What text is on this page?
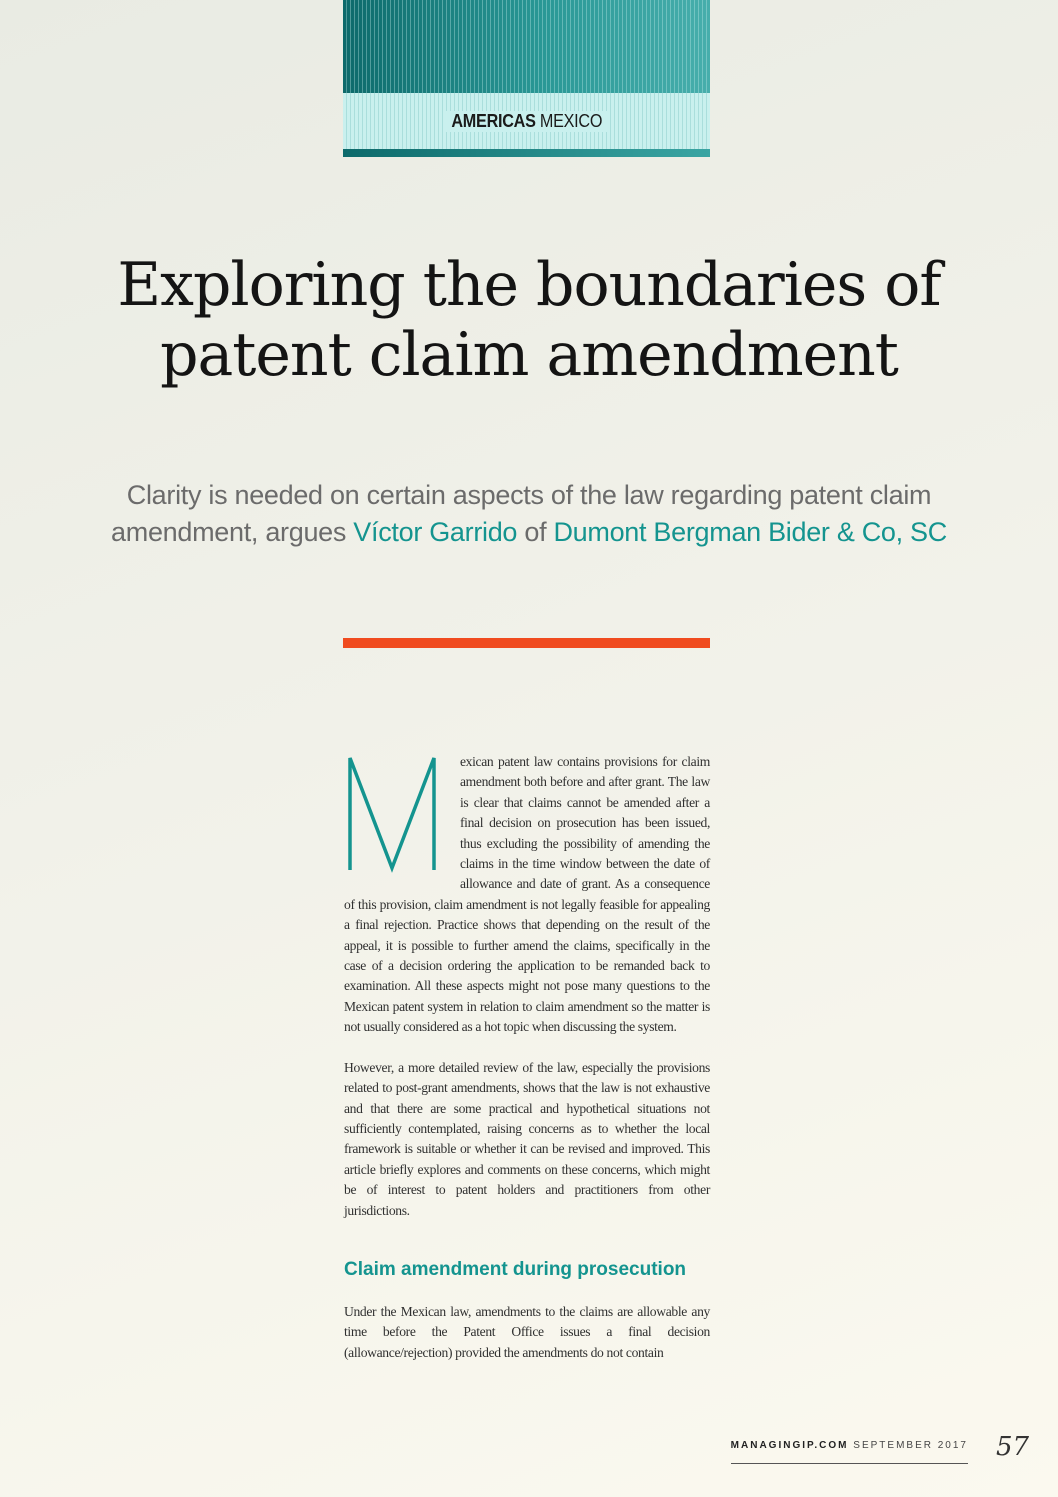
AMERICAS MEXICO
Exploring the boundaries of
patent claim amendment

Clarity is needed on certain aspects of the law regarding patent claim
amendment, argues Víctor Garrido of Dumont Bergman Bider & Co, SC

M	exican patent law contains provisions for claim amendment both before and after grant. The law is clear that claims cannot be amended after a final decision on prosecution has been issued, thus excluding the possibility of amending the claims in the time window between the date of allowance and date of grant. As a consequence of this provision, claim amendment is not legally feasible for appealing a final rejection. Practice shows that depending on the result of the appeal, it is possible to further amend the claims, specifically in the case of a decision ordering the application to be remanded back to examination. All these aspects might not pose many questions to the Mexican patent system in relation to claim amendment so the matter is not usually considered as a hot topic when discussing the system.

However, a more detailed review of the law, especially the provisions related to post-grant amendments, shows that the law is not exhaustive and that there are some practical and hypothetical situations not sufficiently contemplated, raising concerns as to whether the local framework is suitable or whether it can be revised and improved. This article briefly explores and comments on these concerns, which might be of interest to patent holders and practitioners from other jurisdictions.

Claim amendment during prosecution

Under the Mexican law, amendments to the claims are allowable any time before the Patent Office issues a final decision (allowance/rejection) provided the amendments do not contain

MANAGINGIP.COM SEPTEMBER 2017 57
